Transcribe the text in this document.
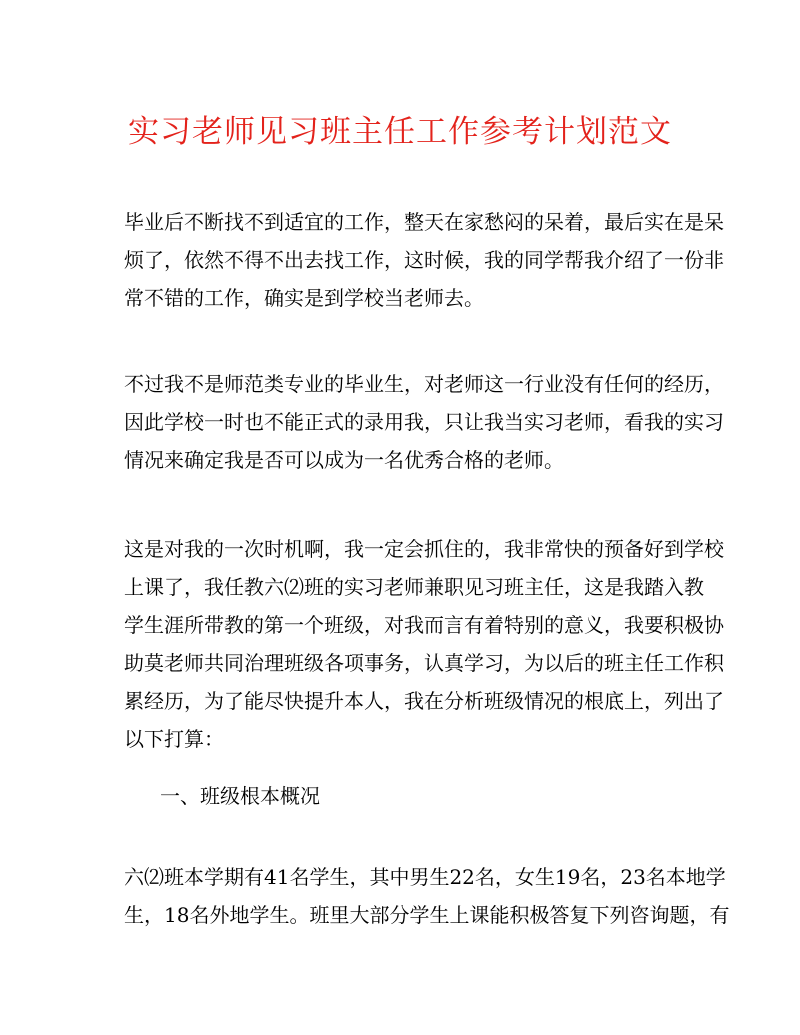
实习老师见习班主任工作参考计划范文

毕业后不断找不到适宜的工作，整天在家愁闷的呆着，最后实在是呆
烦了，依然不得不出去找工作，这时候，我的同学帮我介绍了一份非
常不错的工作，确实是到学校当老师去。

不过我不是师范类专业的毕业生，对老师这一行业没有任何的经历，
因此学校一时也不能正式的录用我，只让我当实习老师，看我的实习
情况来确定我是否可以成为一名优秀合格的老师。

这是对我的一次时机啊，我一定会抓住的，我非常快的预备好到学校
上课了，我任教六⑵班的实习老师兼职见习班主任，这是我踏入教
学生涯所带教的第一个班级，对我而言有着特别的意义，我要积极协
助莫老师共同治理班级各项事务，认真学习，为以后的班主任工作积
累经历，为了能尽快提升本人，我在分析班级情况的根底上，列出了
以下打算：

一、班级根本概况

六⑵班本学期有41名学生，其中男生22名，女生19名，23名本地学
生，18名外地学生。班里大部分学生上课能积极答复下列咨询题，有
